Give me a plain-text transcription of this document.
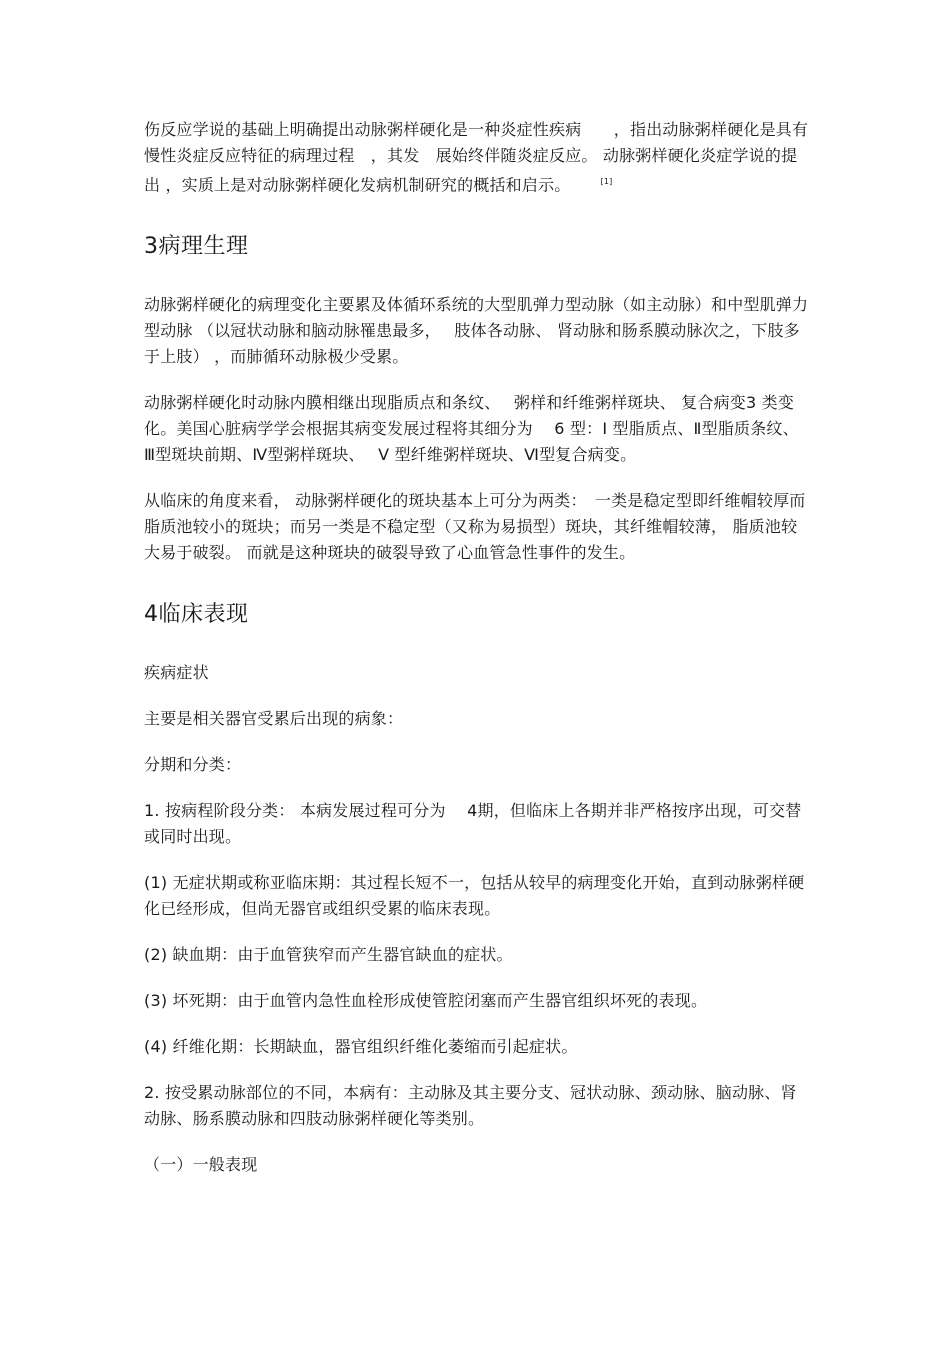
伤反应学说的基础上明确提出动脉粥样硬化是一种炎症性疾病　　，指出动脉粥样硬化是具有慢性炎症反应特征的病理过程　，其发　展始终伴随炎症反应。 动脉粥样硬化炎症学说的提出 ，实质上是对动脉粥样硬化发病机制研究的概括和启示。	[1]

3病理生理

动脉粥样硬化的病理变化主要累及体循环系统的大型肌弹力型动脉（如主动脉）和中型肌弹力型动脉 （以冠状动脉和脑动脉罹患最多，　 肢体各动脉、 肾动脉和肠系膜动脉次之，下肢多于上肢） ，而肺循环动脉极少受累。

动脉粥样硬化时动脉内膜相继出现脂质点和条纹、　 粥样和纤维粥样斑块、 复合病变3 类变化。美国心脏病学学会根据其病变发展过程将其细分为　 6 型：Ⅰ 型脂质点、Ⅱ型脂质条纹、Ⅲ型斑块前期、Ⅳ型粥样斑块、　 Ⅴ 型纤维粥样斑块、Ⅵ型复合病变。

从临床的角度来看， 动脉粥样硬化的斑块基本上可分为两类：　一类是稳定型即纤维帽较厚而脂质池较小的斑块；而另一类是不稳定型（又称为易损型）斑块，其纤维帽较薄， 脂质池较大易于破裂。 而就是这种斑块的破裂导致了心血管急性事件的发生。

4临床表现

疾病症状

主要是相关器官受累后出现的病象：

分期和分类：

1. 按病程阶段分类： 本病发展过程可分为　 4期，但临床上各期并非严格按序出现，可交替或同时出现。

(1) 无症状期或称亚临床期：其过程长短不一，包括从较早的病理变化开始，直到动脉粥样硬化已经形成，但尚无器官或组织受累的临床表现。

(2) 缺血期：由于血管狭窄而产生器官缺血的症状。

(3) 坏死期：由于血管内急性血栓形成使管腔闭塞而产生器官组织坏死的表现。

(4) 纤维化期：长期缺血，器官组织纤维化萎缩而引起症状。

2. 按受累动脉部位的不同，本病有：主动脉及其主要分支、冠状动脉、颈动脉、脑动脉、肾动脉、肠系膜动脉和四肢动脉粥样硬化等类别。

（一）一般表现
